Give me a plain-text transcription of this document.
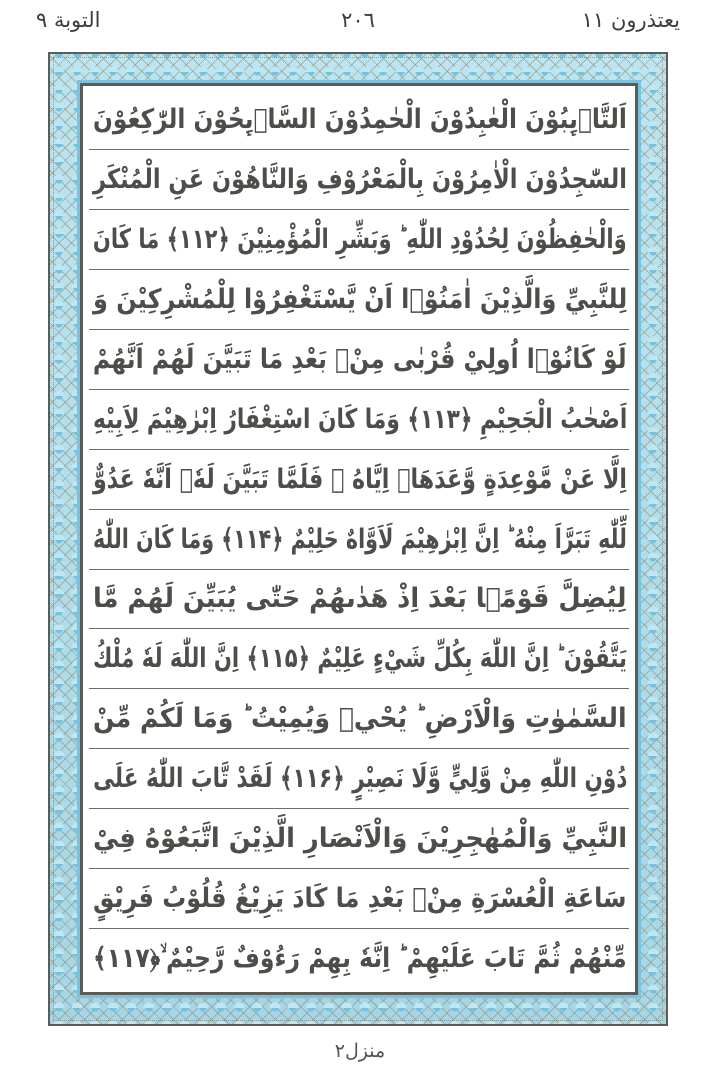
يعتذرون ١١
٢٠٦
التوبة ٩
اَلتَّاۤىِٕبُوْنَ الْعٰبِدُوْنَ الْحٰمِدُوْنَ السَّاۤىِٕحُوْنَ الرّٰكِعُوْنَ
السّٰجِدُوْنَ الْاٰمِرُوْنَ بِالْمَعْرُوْفِ وَالنَّاهُوْنَ عَنِ الْمُنْكَرِ
وَالْحٰفِظُوْنَ لِحُدُوْدِ اللّٰهِ ؕ وَبَشِّرِ الْمُؤْمِنِيْنَ ﴿۱۱۲﴾ مَا كَانَ
لِلنَّبِيِّ وَالَّذِيْنَ اٰمَنُوْۤا اَنْ يَّسْتَغْفِرُوْا لِلْمُشْرِكِيْنَ وَ
لَوْ كَانُوْۤا اُولِيْ قُرْبٰى مِنْۢ بَعْدِ مَا تَبَيَّنَ لَهُمْ اَنَّهُمْ
اَصْحٰبُ الْجَحِيْمِ ﴿۱۱۳﴾ وَمَا كَانَ اسْتِغْفَارُ اِبْرٰهِيْمَ لِاَبِيْهِ
اِلَّا عَنْ مَّوْعِدَةٍ وَّعَدَهَاۤ اِيَّاهُ ۚ فَلَمَّا تَبَيَّنَ لَهٗۤ اَنَّهٗ عَدُوٌّ
لِّلّٰهِ تَبَرَّاَ مِنْهُ ؕ اِنَّ اِبْرٰهِيْمَ لَاَوَّاهٌ حَلِيْمٌ ﴿۱۱۴﴾ وَمَا كَانَ اللّٰهُ
لِيُضِلَّ قَوْمًۢا بَعْدَ اِذْ هَدٰىهُمْ حَتّٰى يُبَيِّنَ لَهُمْ مَّا
يَتَّقُوْنَ ؕ اِنَّ اللّٰهَ بِكُلِّ شَيْءٍ عَلِيْمٌ ﴿۱۱۵﴾ اِنَّ اللّٰهَ لَهٗ مُلْكُ
السَّمٰوٰتِ وَالْاَرْضِ ؕ يُحْيٖ وَيُمِيْتُ ؕ وَمَا لَكُمْ مِّنْ
دُوْنِ اللّٰهِ مِنْ وَّلِيٍّ وَّلَا نَصِيْرٍ ﴿۱۱۶﴾ لَقَدْ تَّابَ اللّٰهُ عَلَى
النَّبِيِّ وَالْمُهٰجِرِيْنَ وَالْاَنْصَارِ الَّذِيْنَ اتَّبَعُوْهُ فِيْ
سَاعَةِ الْعُسْرَةِ مِنْۢ بَعْدِ مَا كَادَ يَزِيْغُ قُلُوْبُ فَرِيْقٍ
مِّنْهُمْ ثُمَّ تَابَ عَلَيْهِمْ ؕ اِنَّهٗ بِهِمْ رَءُوْفٌ رَّحِيْمٌ ۙ﴿۱۱۷﴾
منزل۲
